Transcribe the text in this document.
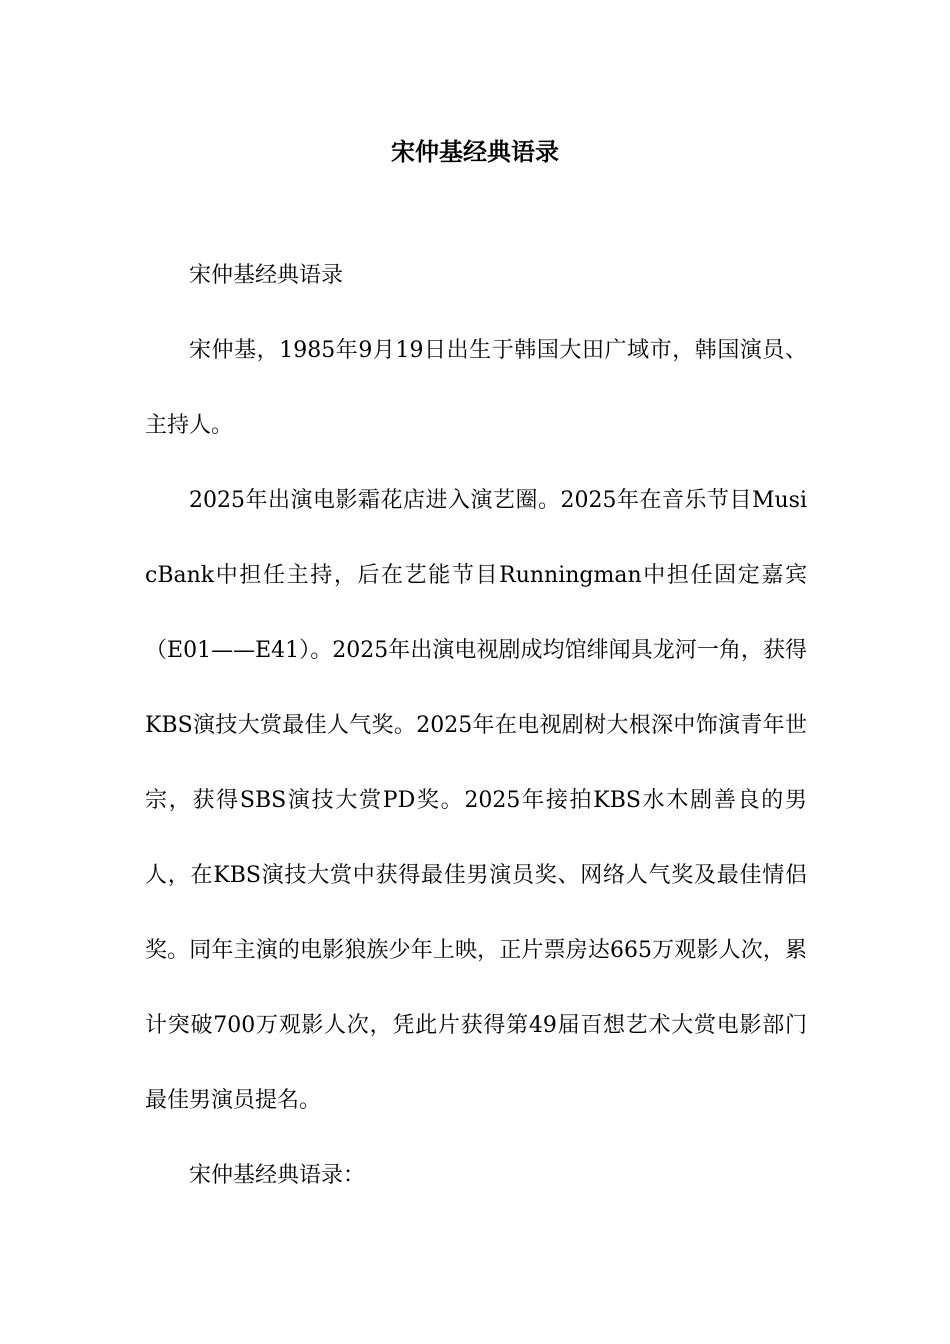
宋仲基经典语录

宋仲基经典语录

宋仲基，1985年9月19日出生于韩国大田广域市，韩国演员、主持人。

2025年出演电影霜花店进入演艺圈。2025年在音乐节目MusicBank中担任主持，后在艺能节目Runningman中担任固定嘉宾（E01——E41）。2025年出演电视剧成均馆绯闻具龙河一角，获得KBS演技大赏最佳人气奖。2025年在电视剧树大根深中饰演青年世宗，获得SBS演技大赏PD奖。2025年接拍KBS水木剧善良的男人，在KBS演技大赏中获得最佳男演员奖、网络人气奖及最佳情侣奖。同年主演的电影狼族少年上映，正片票房达665万观影人次，累计突破700万观影人次，凭此片获得第49届百想艺术大赏电影部门最佳男演员提名。

宋仲基经典语录：
